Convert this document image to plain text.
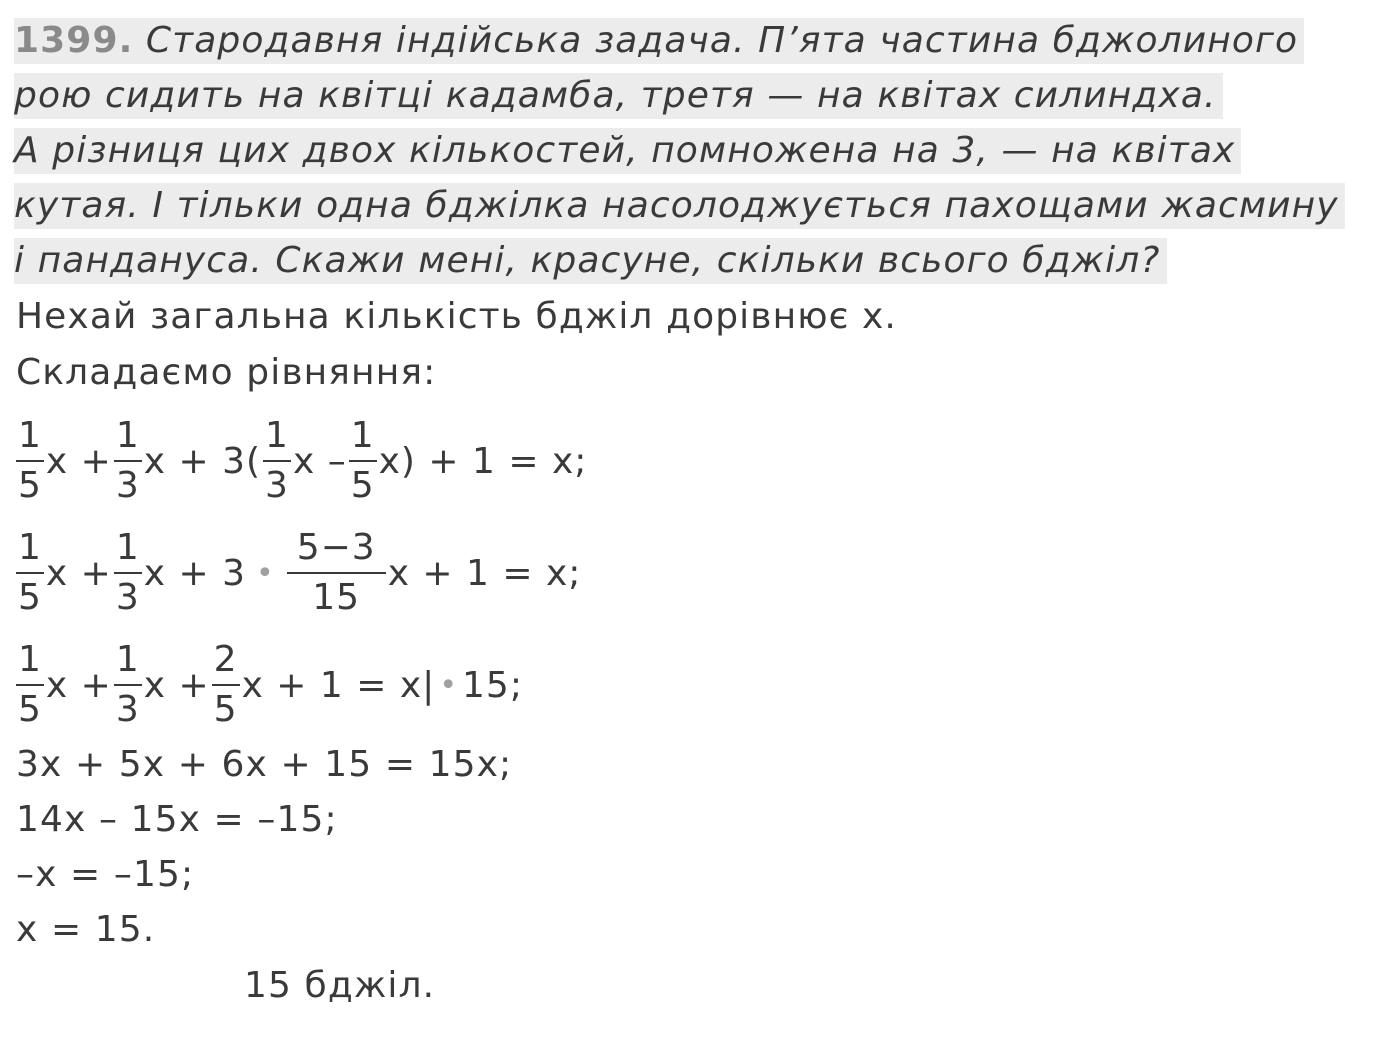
1399. Стародавня індійська задача. П’ята частина бджолиного
рою сидить на квітці кадамба, третя — на квітах силиндха.
А різниця цих двох кількостей, помножена на 3, — на квітах
кутая. І тільки одна бджілка насолоджується пахощами жасмину
і пандануса. Скажи мені, красуне, скільки всього бджіл?
Нехай загальна кількість бджіл дорівнює x.
Складаємо рівняння:
$\frac{1}{5}$ $x + \frac{1}{3}$ $x + 3( \frac{1}{3}$ $x - \frac{1}{5} x) + 1 = x$;
$\frac{1}{5}$ $x + \frac{1}{3}$ x + 3 • $\frac{5-3}{15}$ x + 1 = x;
$\frac{1}{5}$ $x + \frac{1}{3}$ $x + \frac{2}{5}$ x + 1 = x| • 15;
3x + 5x + 6x + 15 = 15x;
14x – 15x = –15;
–x = –15;
x = 15.
15 бджіл.
